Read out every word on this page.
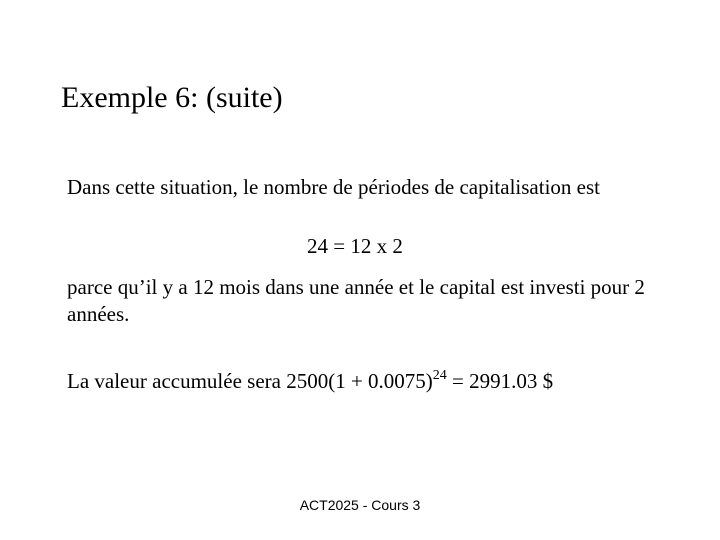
Exemple 6: (suite)
Dans cette situation, le nombre de périodes de capitalisation est
24 = 12 x 2
parce qu’il y a 12 mois dans une année et le capital est investi pour 2 années.
La valeur accumulée sera $2500(1 + 0.0075)^{24} = 2991.03$ $
ACT2025 - Cours 3
